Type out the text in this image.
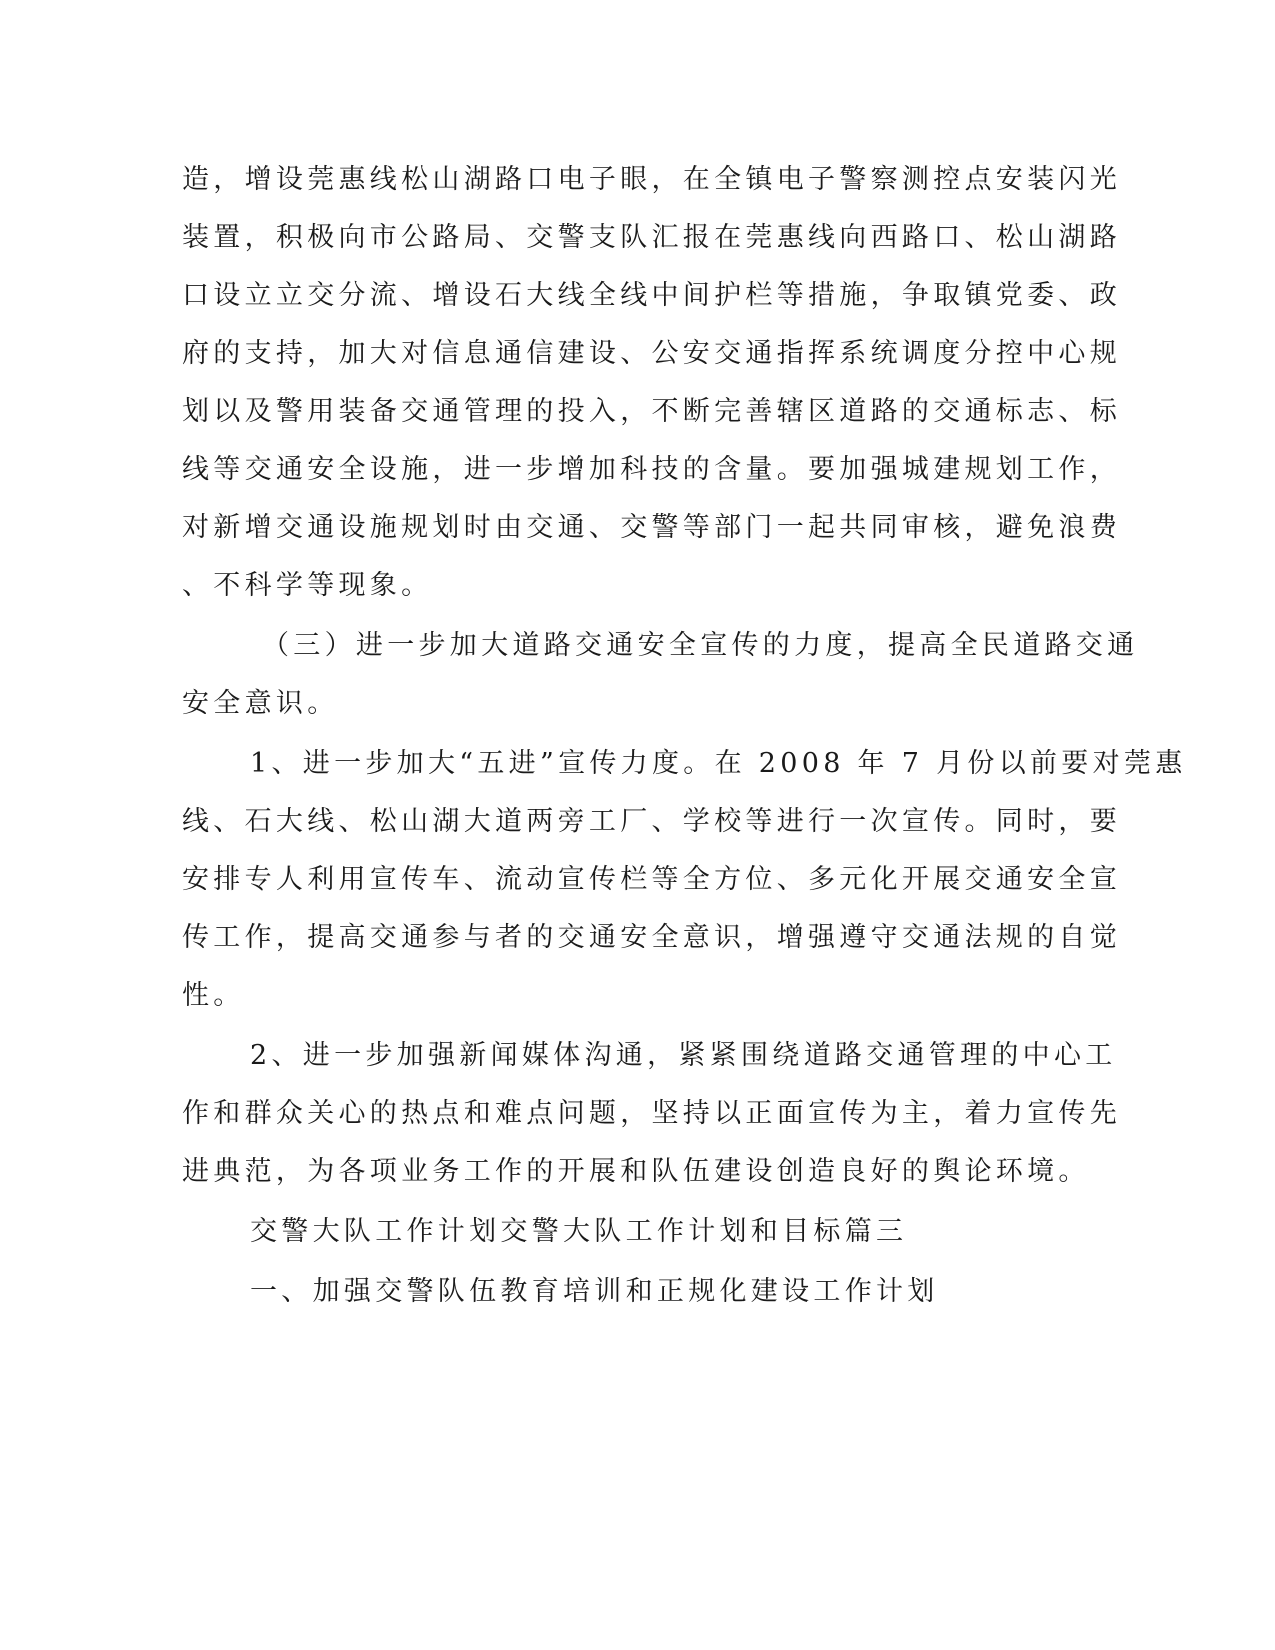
造，增设莞惠线松山湖路口电子眼，在全镇电子警察测控点安装闪光
装置，积极向市公路局、交警支队汇报在莞惠线向西路口、松山湖路
口设立立交分流、增设石大线全线中间护栏等措施，争取镇党委、政
府的支持，加大对信息通信建设、公安交通指挥系统调度分控中心规
划以及警用装备交通管理的投入，不断完善辖区道路的交通标志、标
线等交通安全设施，进一步增加科技的含量。要加强城建规划工作，
对新增交通设施规划时由交通、交警等部门一起共同审核，避免浪费
、不科学等现象。
（三）进一步加大道路交通安全宣传的力度，提高全民道路交通
安全意识。
1、进一步加大“五进”宣传力度。在 2008 年 7 月份以前要对莞惠
线、石大线、松山湖大道两旁工厂、学校等进行一次宣传。同时，要
安排专人利用宣传车、流动宣传栏等全方位、多元化开展交通安全宣
传工作，提高交通参与者的交通安全意识，增强遵守交通法规的自觉
性。
2、进一步加强新闻媒体沟通，紧紧围绕道路交通管理的中心工
作和群众关心的热点和难点问题，坚持以正面宣传为主，着力宣传先
进典范，为各项业务工作的开展和队伍建设创造良好的舆论环境。
交警大队工作计划交警大队工作计划和目标篇三
一、加强交警队伍教育培训和正规化建设工作计划
